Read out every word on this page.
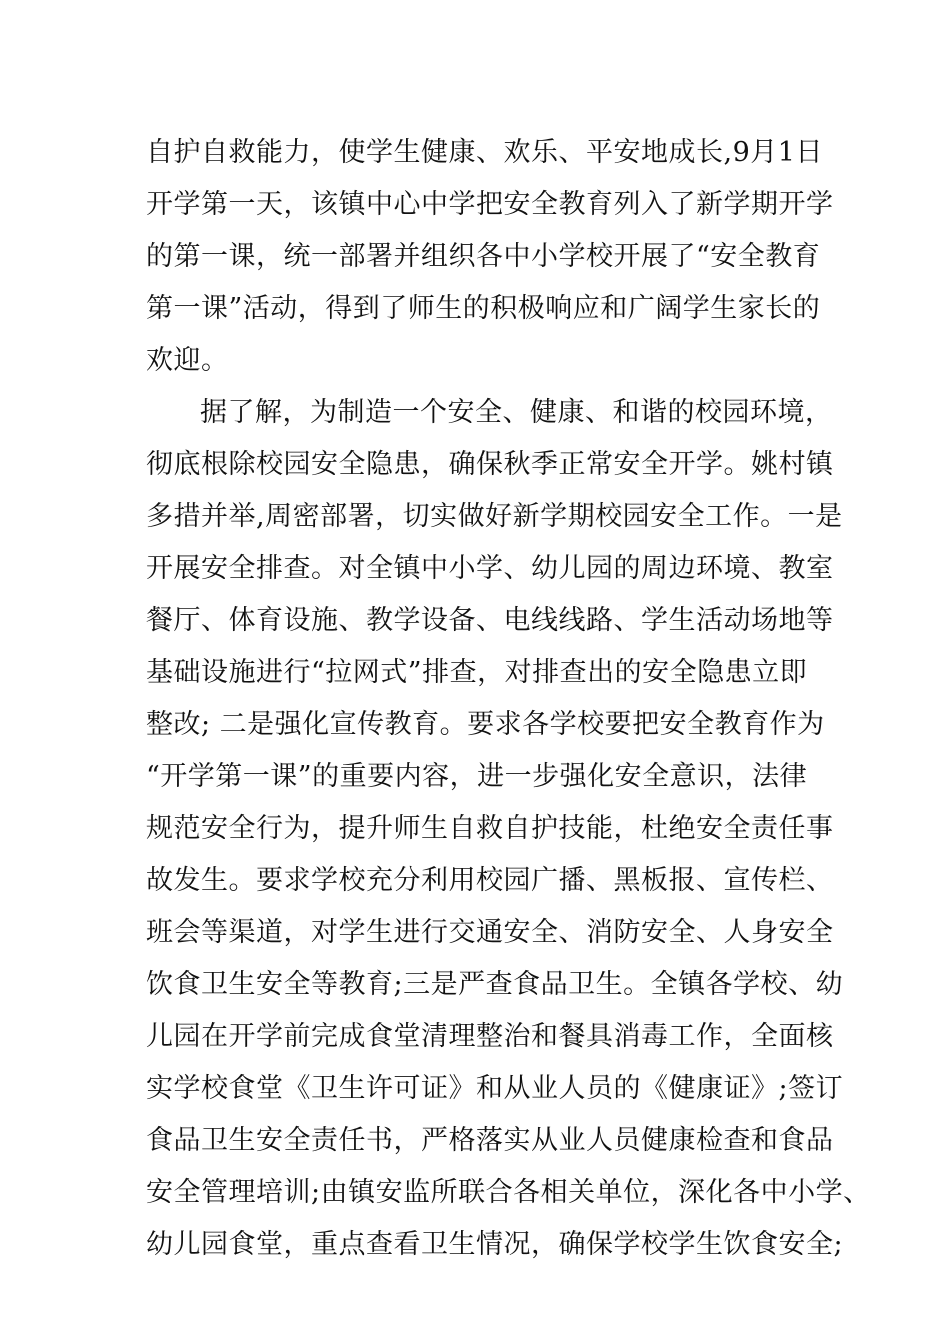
自护自救能力，使学生健康、欢乐、平安地成长,9月1日
开学第一天，该镇中心中学把安全教育列入了新学期开学
的第一课，统一部署并组织各中小学校开展了“安全教育
第一课”活动，得到了师生的积极响应和广阔学生家长的
欢迎。
据了解，为制造一个安全、健康、和谐的校园环境，
彻底根除校园安全隐患，确保秋季正常安全开学。姚村镇
多措并举,周密部署，切实做好新学期校园安全工作。一是
开展安全排查。对全镇中小学、幼儿园的周边环境、教室
餐厅、体育设施、教学设备、电线线路、学生活动场地等
基础设施进行“拉网式”排查，对排查出的安全隐患立即
整改; 二是强化宣传教育。要求各学校要把安全教育作为
“开学第一课”的重要内容，进一步强化安全意识，法律
规范安全行为，提升师生自救自护技能，杜绝安全责任事
故发生。要求学校充分利用校园广播、黑板报、宣传栏、
班会等渠道，对学生进行交通安全、消防安全、人身安全
饮食卫生安全等教育;三是严查食品卫生。全镇各学校、幼
儿园在开学前完成食堂清理整治和餐具消毒工作，全面核
实学校食堂《卫生许可证》和从业人员的《健康证》;签订
食品卫生安全责任书，严格落实从业人员健康检查和食品
安全管理培训;由镇安监所联合各相关单位，深化各中小学、
幼儿园食堂，重点查看卫生情况，确保学校学生饮食安全;
